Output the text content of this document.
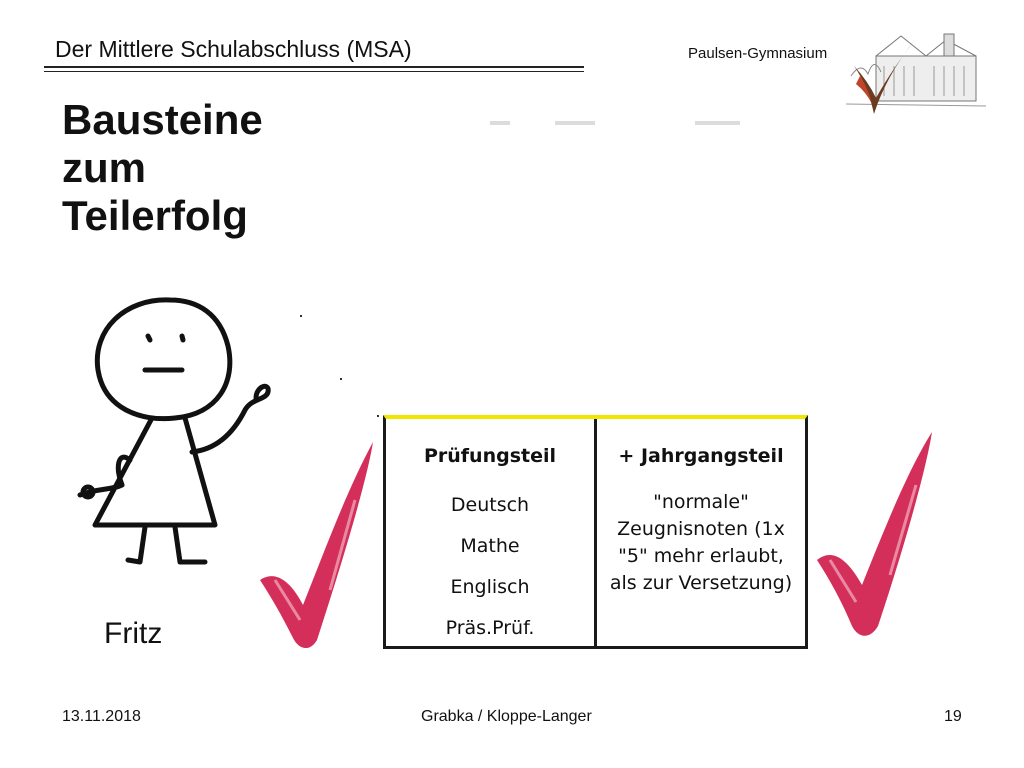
Der Mittlere Schulabschluss (MSA)	Paulsen-Gymnasium
Bausteine
zum
Teilerfolg
Fritz
Prüfungsteil
Deutsch
Mathe
Englisch
Präs.Prüf.
+ Jahrgangsteil
"normale"
Zeugnisnoten (1x
"5" mehr erlaubt,
als zur Versetzung)
13.11.2018	Grabka / Kloppe-Langer	19
